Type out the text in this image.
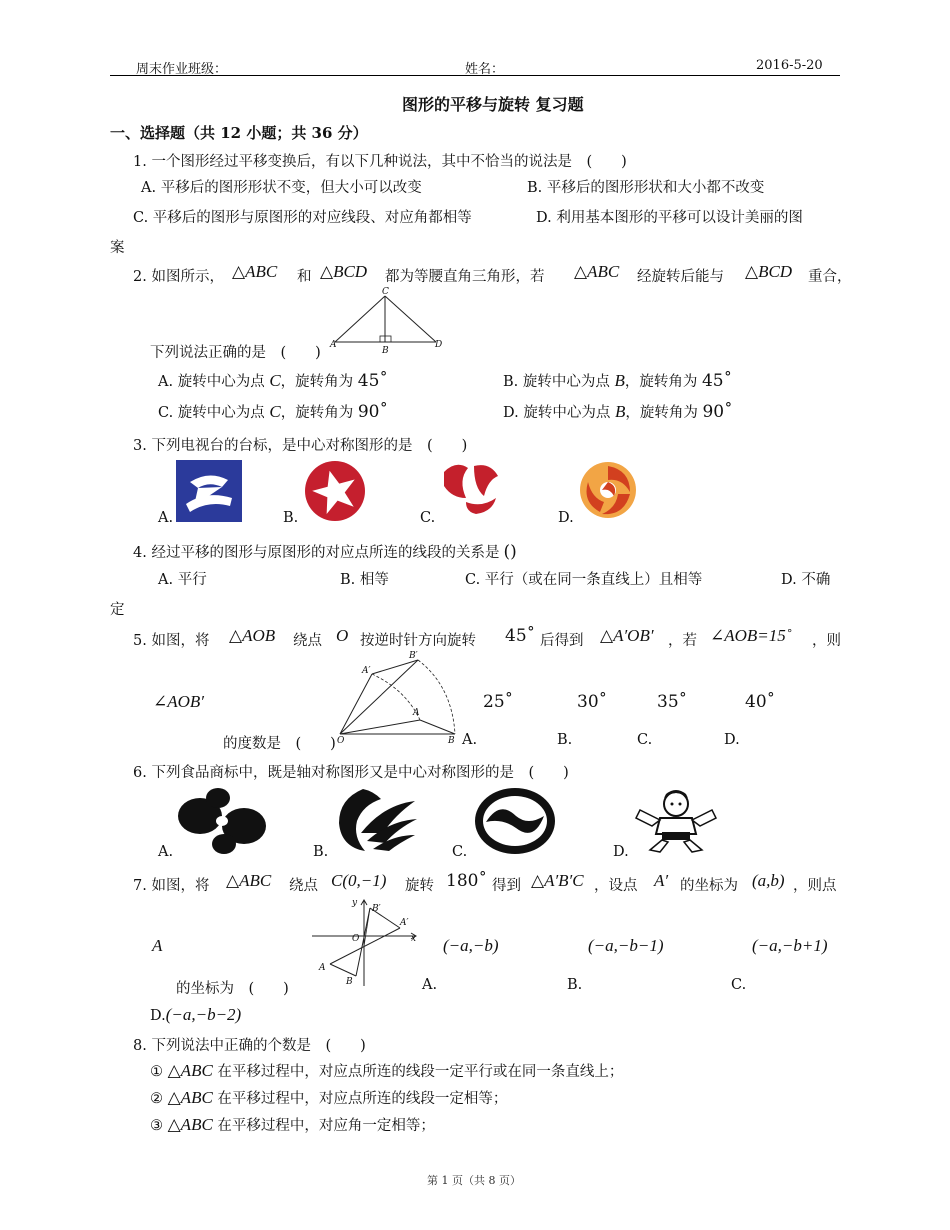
周末作业班级：	姓名：	2016-5-20
图形的平移与旋转 复习题
一、选择题（共 12 小题；共 36 分）
1. 一个图形经过平移变换后，有以下几种说法，其中不恰当的说法是　(　　)
A. 平移后的图形形状不变，但大小可以改变	B. 平移后的图形形状和大小都不改变
C. 平移后的图形与原图形的对应线段、对应角都相等	D. 利用基本图形的平移可以设计美丽的图
案
2. 如图所示， △ABC 和 △BCD 都为等腰直角三角形，若 △ABC 经旋转后能与 △BCD 重合，
C
A
B
D
下列说法正确的是　(　　)
A. 旋转中心为点 C，旋转角为 45˚	B. 旋转中心为点 B，旋转角为 45˚
C. 旋转中心为点 C，旋转角为 90˚	D. 旋转中心为点 B，旋转角为 90˚
3. 下列电视台的台标，是中心对称图形的是　(　　)
A.	B.	C.	D.
4. 经过平移的图形与原图形的对应点所连的线段的关系是 ()
A. 平行	B. 相等	C. 平行（或在同一条直线上）且相等	D. 不确
定
5. 如图，将 △AOB 绕点 O 按逆时针方向旋转 45˚ 后得到 △A′OB′ ，若 ∠AOB=15˚ ，则
∠AOB′
A′
B′
A
O	B
25˚	30˚	35˚	40˚
的度数是　(　　)	A.	B.	C.	D.
6. 下列食品商标中，既是轴对称图形又是中心对称图形的是　(　　)
A.	B.	C.	D.
7. 如图，将 △ABC 绕点 C(0,−1) 旋转 180˚ 得到 △A′B′C ，设点 A′ 的坐标为 (a,b) ，则点
A
y
x
O
B′
A′
A
B
(−a,−b)	(−a,−b−1)	(−a,−b+1)
的坐标为　(　　)	A.	B.	C.
D.(−a,−b−2)
8. 下列说法中正确的个数是　(　　)
① △ABC 在平移过程中，对应点所连的线段一定平行或在同一条直线上；
② △ABC 在平移过程中，对应点所连的线段一定相等；
③ △ABC 在平移过程中，对应角一定相等；
第 1 页（共 8 页）
